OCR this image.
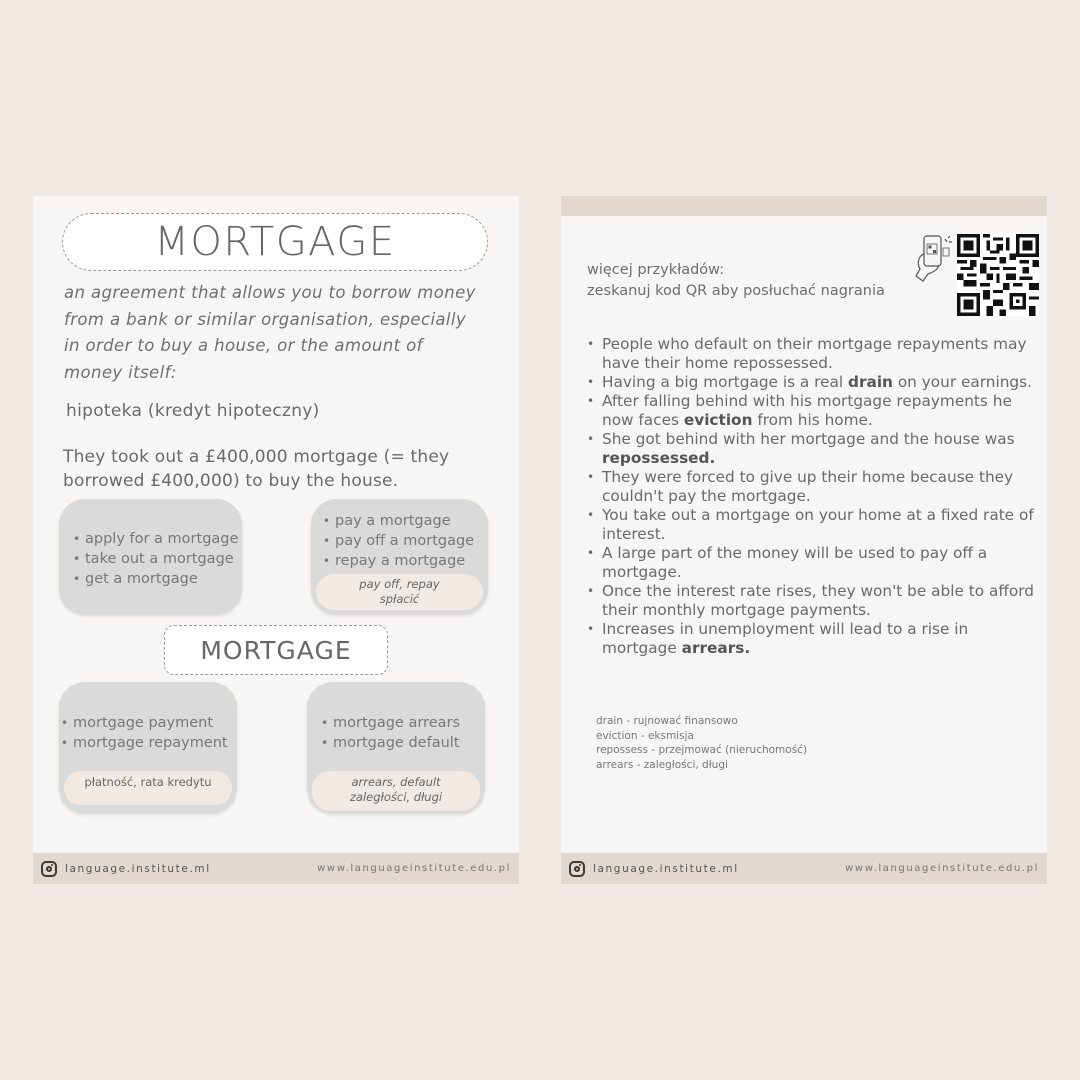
MORTGAGE
an agreement that allows you to borrow money from a bank or similar organisation, especially in order to buy a house, or the amount of money itself:
hipoteka (kredyt hipoteczny)
They took out a £400,000 mortgage (= they borrowed £400,000) to buy the house.
• apply for a mortgage
• take out a mortgage
• get a mortgage
• pay a mortgage
• pay off a mortgage
• repay a mortgage
pay off, repay
spłacić
MORTGAGE
• mortgage payment
• mortgage repayment
płatność, rata kredytu
• mortgage arrears
• mortgage default
arrears, default
zaległości, długi
language.institute.ml	www.languageinstitute.edu.pl
więcej przykładów:
zeskanuj kod QR aby posłuchać nagrania
• People who default on their mortgage repayments may have their home repossessed.
• Having a big mortgage is a real drain on your earnings.
• After falling behind with his mortgage repayments he now faces eviction from his home.
• She got behind with her mortgage and the house was repossessed.
• They were forced to give up their home because they couldn't pay the mortgage.
• You take out a mortgage on your home at a fixed rate of interest.
• A large part of the money will be used to pay off a mortgage.
• Once the interest rate rises, they won't be able to afford their monthly mortgage payments.
• Increases in unemployment will lead to a rise in mortgage arrears.
drain - rujnować finansowo
eviction - eksmisja
repossess - przejmować (nieruchomość)
arrears - zaległości, długi
language.institute.ml	www.languageinstitute.edu.pl
